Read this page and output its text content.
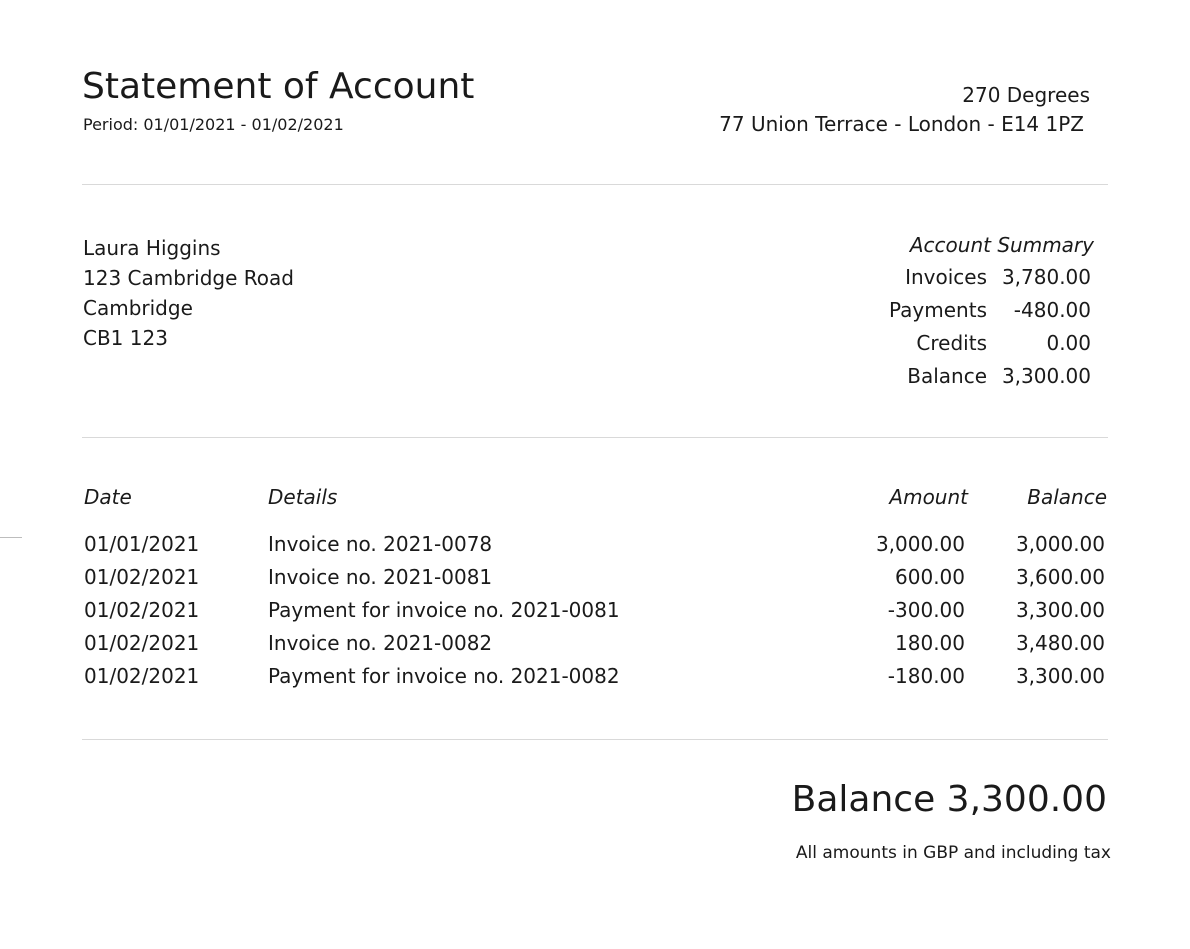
Statement of Account
Period: 01/01/2021 - 01/02/2021
270 Degrees
77 Union Terrace - London - E14 1PZ
Laura Higgins
123 Cambridge Road
Cambridge
CB1 123
Account Summary
Invoices 3,780.00
Payments	-480.00
Credits	0.00
Balance 3,300.00
Date	Details	Amount	Balance
01/01/2021	Invoice no. 2021-0078	3,000.00	3,000.00
01/02/2021	Invoice no. 2021-0081	600.00	3,600.00
01/02/2021	Payment for invoice no. 2021-0081	-300.00	3,300.00
01/02/2021	Invoice no. 2021-0082	180.00	3,480.00
01/02/2021	Payment for invoice no. 2021-0082	-180.00	3,300.00
Balance 3,300.00
All amounts in GBP and including tax
